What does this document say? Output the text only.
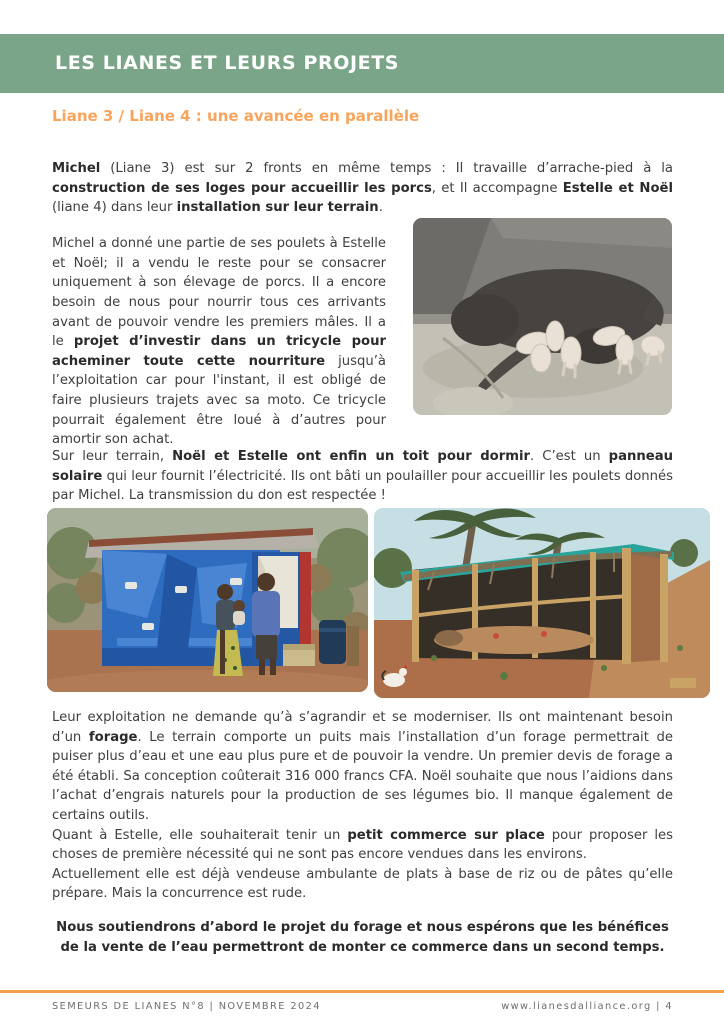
LES LIANES ET LEURS PROJETS
Liane 3 / Liane 4 : une avancée en parallèle

Michel (Liane 3) est sur 2 fronts en même temps : Il travaille d’arrache-pied à la construction de ses loges pour accueillir les porcs, et Il accompagne Estelle et Noël (liane 4) dans leur installation sur leur terrain.

Michel a donné une partie de ses poulets à Estelle et Noël; il a vendu le reste pour se consacrer uniquement à son élevage de porcs. Il a encore besoin de nous pour nourrir tous ces arrivants avant de pouvoir vendre les premiers mâles. Il a le projet d’investir dans un tricycle pour acheminer toute cette nourriture jusqu’à l’exploitation car pour l'instant, il est obligé de faire plusieurs trajets avec sa moto. Ce tricycle pourrait également être loué à d’autres pour amortir son achat.

Sur leur terrain, Noël et Estelle ont enfin un toit pour dormir. C’est un panneau solaire qui leur fournit l’électricité. Ils ont bâti un poulailler pour accueillir les poulets donnés par Michel. La transmission du don est respectée !

Leur exploitation ne demande qu’à s’agrandir et se moderniser. Ils ont maintenant besoin d’un forage. Le terrain comporte un puits mais l’installation d’un forage permettrait de puiser plus d’eau et une eau plus pure et de pouvoir la vendre. Un premier devis de forage a été établi. Sa conception coûterait 316 000 francs CFA. Noël souhaite que nous l’aidions dans l’achat d’engrais naturels pour la production de ses légumes bio. Il manque également de certains outils.

Quant à Estelle, elle souhaiterait tenir un petit commerce sur place pour proposer les choses de première nécessité qui ne sont pas encore vendues dans les environs.

Actuellement elle est déjà vendeuse ambulante de plats à base de riz ou de pâtes qu’elle prépare. Mais la concurrence est rude.

Nous soutiendrons d’abord le projet du forage et nous espérons que les bénéfices de la vente de l’eau permettront de monter ce commerce dans un second temps.

SEMEURS DE LIANES N°8 | NOVEMBRE 2024	www.lianesdalliance.org | 4
